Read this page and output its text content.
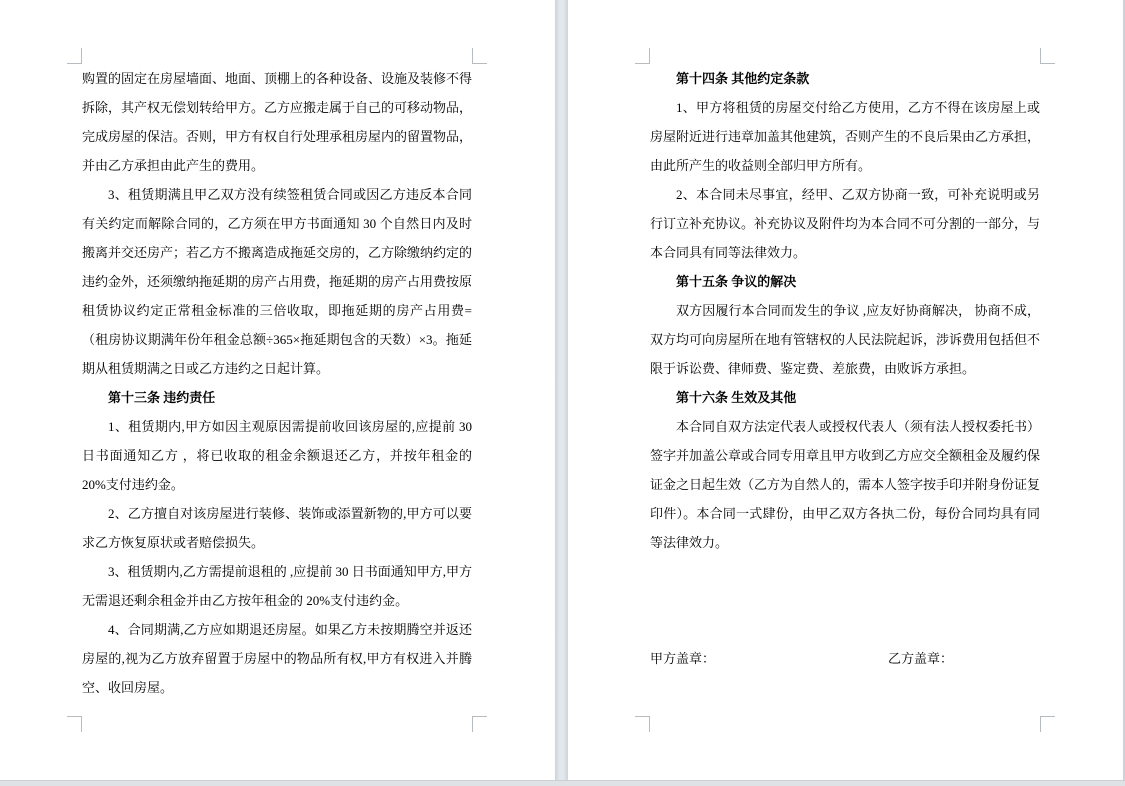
购置的固定在房屋墙面、地面、顶棚上的各种设备、设施及装修不得拆除，其产权无偿划转给甲方。乙方应搬走属于自己的可移动物品，完成房屋的保洁。否则，甲方有权自行处理承租房屋内的留置物品，并由乙方承担由此产生的费用。
3、租赁期满且甲乙双方没有续签租赁合同或因乙方违反本合同有关约定而解除合同的，乙方须在甲方书面通知 30 个自然日内及时搬离并交还房产；若乙方不搬离造成拖延交房的，乙方除缴纳约定的违约金外，还须缴纳拖延期的房产占用费，拖延期的房产占用费按原租赁协议约定正常租金标准的三倍收取，即拖延期的房产占用费=（租房协议期满年份年租金总额÷365×拖延期包含的天数）×3。拖延期从租赁期满之日或乙方违约之日起计算。
第十三条 违约责任
1、租赁期内,甲方如因主观原因需提前收回该房屋的,应提前 30 日书面通知乙方 ，将已收取的租金余额退还乙方，并按年租金的 20%支付违约金。
2、乙方擅自对该房屋进行装修、装饰或添置新物的,甲方可以要求乙方恢复原状或者赔偿损失。
3、租赁期内,乙方需提前退租的 ,应提前 30 日书面通知甲方,甲方无需退还剩余租金并由乙方按年租金的 20%支付违约金。
4、合同期满,乙方应如期退还房屋。如果乙方未按期腾空并返还房屋的,视为乙方放弃留置于房屋中的物品所有权,甲方有权进入并腾空、收回房屋。
第十四条 其他约定条款
1、甲方将租赁的房屋交付给乙方使用，乙方不得在该房屋上或房屋附近进行违章加盖其他建筑，否则产生的不良后果由乙方承担，由此所产生的收益则全部归甲方所有。
2、本合同未尽事宜，经甲、乙双方协商一致，可补充说明或另行订立补充协议。补充协议及附件均为本合同不可分割的一部分，与本合同具有同等法律效力。
第十五条 争议的解决
双方因履行本合同而发生的争议 ,应友好协商解决， 协商不成，双方均可向房屋所在地有管辖权的人民法院起诉，涉诉费用包括但不限于诉讼费、律师费、鉴定费、差旅费，由败诉方承担。
第十六条 生效及其他
本合同自双方法定代表人或授权代表人（须有法人授权委托书）签字并加盖公章或合同专用章且甲方收到乙方应交全额租金及履约保证金之日起生效（乙方为自然人的，需本人签字按手印并附身份证复印件）。本合同一式肆份，由甲乙双方各执二份，每份合同均具有同等法律效力。
甲方盖章：	乙方盖章：
